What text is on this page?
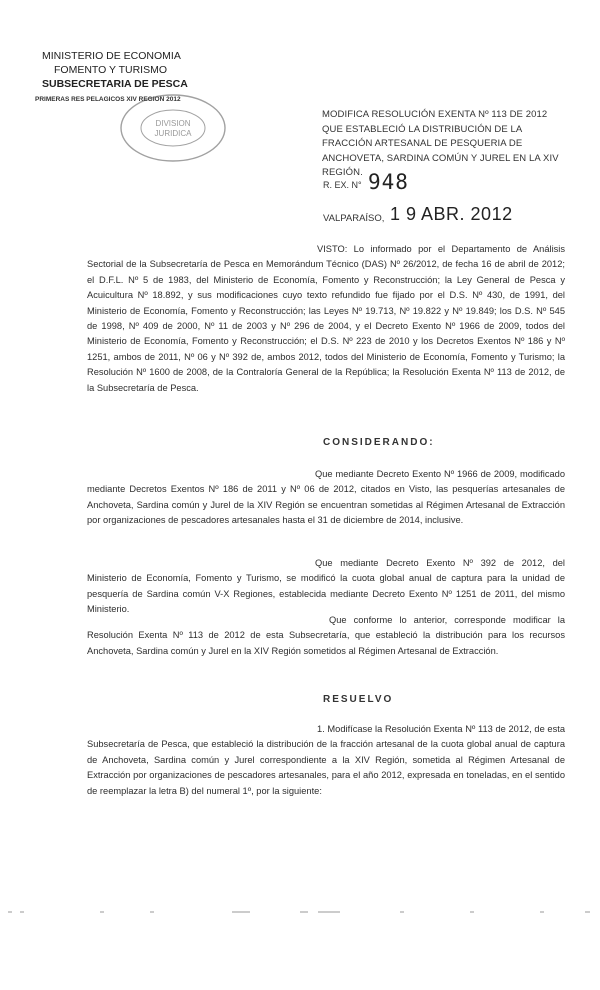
MINISTERIO DE ECONOMIA
FOMENTO Y TURISMO
SUBSECRETARIA DE PESCA
PRIMERAS RES PELAGICOS XIV REGION 2012
DIVISION
JURIDICA
MODIFICA RESOLUCIÓN EXENTA Nº 113 DE 2012 QUE ESTABLECIÓ LA DISTRIBUCIÓN DE LA FRACCIÓN ARTESANAL DE PESQUERIA DE ANCHOVETA, SARDINA COMÚN Y JUREL EN LA XIV REGIÓN.
R. EX. N° 948
VALPARAÍSO, 1 9 ABR. 2012
VISTO: Lo informado por el Departamento de Análisis Sectorial de la Subsecretaría de Pesca en Memorándum Técnico (DAS) Nº 26/2012, de fecha 16 de abril de 2012; el D.F.L. Nº 5 de 1983, del Ministerio de Economía, Fomento y Reconstrucción; la Ley General de Pesca y Acuicultura Nº 18.892, y sus modificaciones cuyo texto refundido fue fijado por el D.S. Nº 430, de 1991, del Ministerio de Economía, Fomento y Reconstrucción; las Leyes Nº 19.713, Nº 19.822 y Nº 19.849; los D.S. Nº 545 de 1998, Nº 409 de 2000, Nº 11 de 2003 y Nº 296 de 2004, y el Decreto Exento Nº 1966 de 2009, todos del Ministerio de Economía, Fomento y Reconstrucción; el D.S. Nº 223 de 2010 y los Decretos Exentos Nº 186 y Nº 1251, ambos de 2011, Nº 06 y Nº 392 de, ambos 2012, todos del Ministerio de Economía, Fomento y Turismo; la Resolución Nº 1600 de 2008, de la Contraloría General de la República; la Resolución Exenta Nº 113 de 2012, de la Subsecretaría de Pesca.
CONSIDERANDO:
Que mediante Decreto Exento Nº 1966 de 2009, modificado mediante Decretos Exentos Nº 186 de 2011 y Nº 06 de 2012, citados en Visto, las pesquerías artesanales de Anchoveta, Sardina común y Jurel de la XIV Región se encuentran sometidas al Régimen Artesanal de Extracción por organizaciones de pescadores artesanales hasta el 31 de diciembre de 2014, inclusive.
Que mediante Decreto Exento Nº 392 de 2012, del Ministerio de Economía, Fomento y Turismo, se modificó la cuota global anual de captura para la unidad de pesquería de Sardina común V-X Regiones, establecida mediante Decreto Exento Nº 1251 de 2011, del mismo Ministerio.
Que conforme lo anterior, corresponde modificar la Resolución Exenta Nº 113 de 2012 de esta Subsecretaría, que estableció la distribución para los recursos Anchoveta, Sardina común y Jurel en la XIV Región sometidos al Régimen Artesanal de Extracción.
RESUELVO
1. Modifícase la Resolución Exenta Nº 113 de 2012, de esta Subsecretaría de Pesca, que estableció la distribución de la fracción artesanal de la cuota global anual de captura de Anchoveta, Sardina común y Jurel correspondiente a la XIV Región, sometida al Régimen Artesanal de Extracción por organizaciones de pescadores artesanales, para el año 2012, expresada en toneladas, en el sentido de reemplazar la letra B) del numeral 1º, por la siguiente:
